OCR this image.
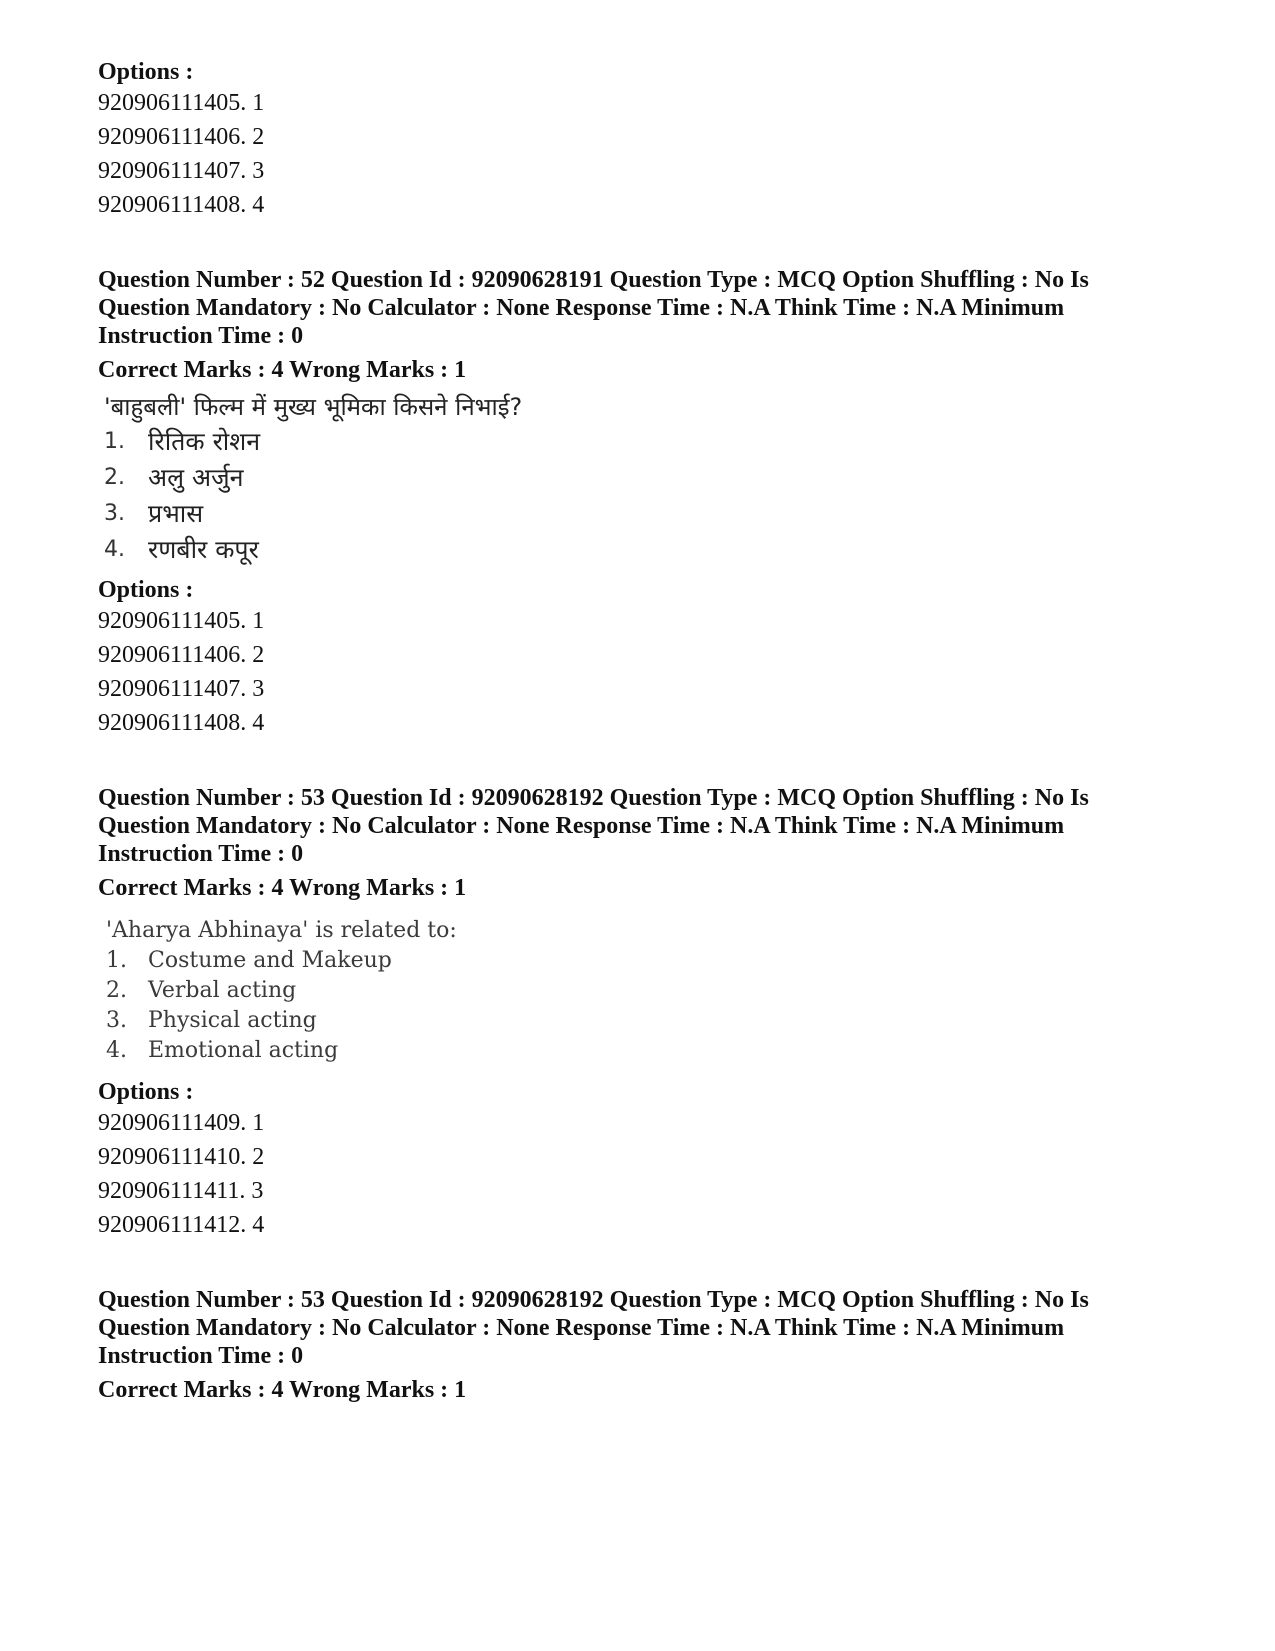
Options :

920906111405. 1

920906111406. 2

920906111407. 3

920906111408. 4

Question Number : 52 Question Id : 92090628191 Question Type : MCQ Option Shuffling : No Is

Question Mandatory : No Calculator : None Response Time : N.A Think Time : N.A Minimum

Instruction Time : 0

Correct Marks : 4 Wrong Marks : 1

'बाहुबली' फिल्म में मुख्य भूमिका किसने निभाई?

1. रितिक रोशन
2. अलु अर्जुन
3. प्रभास
4. रणबीर कपूर

Options :

920906111405. 1

920906111406. 2

920906111407. 3

920906111408. 4

Question Number : 53 Question Id : 92090628192 Question Type : MCQ Option Shuffling : No Is

Question Mandatory : No Calculator : None Response Time : N.A Think Time : N.A Minimum

Instruction Time : 0

Correct Marks : 4 Wrong Marks : 1

'Aharya Abhinaya' is related to:

1. Costume and Makeup
2. Verbal acting
3. Physical acting
4. Emotional acting

Options :

920906111409. 1

920906111410. 2

920906111411. 3

920906111412. 4

Question Number : 53 Question Id : 92090628192 Question Type : MCQ Option Shuffling : No Is

Question Mandatory : No Calculator : None Response Time : N.A Think Time : N.A Minimum

Instruction Time : 0

Correct Marks : 4 Wrong Marks : 1
